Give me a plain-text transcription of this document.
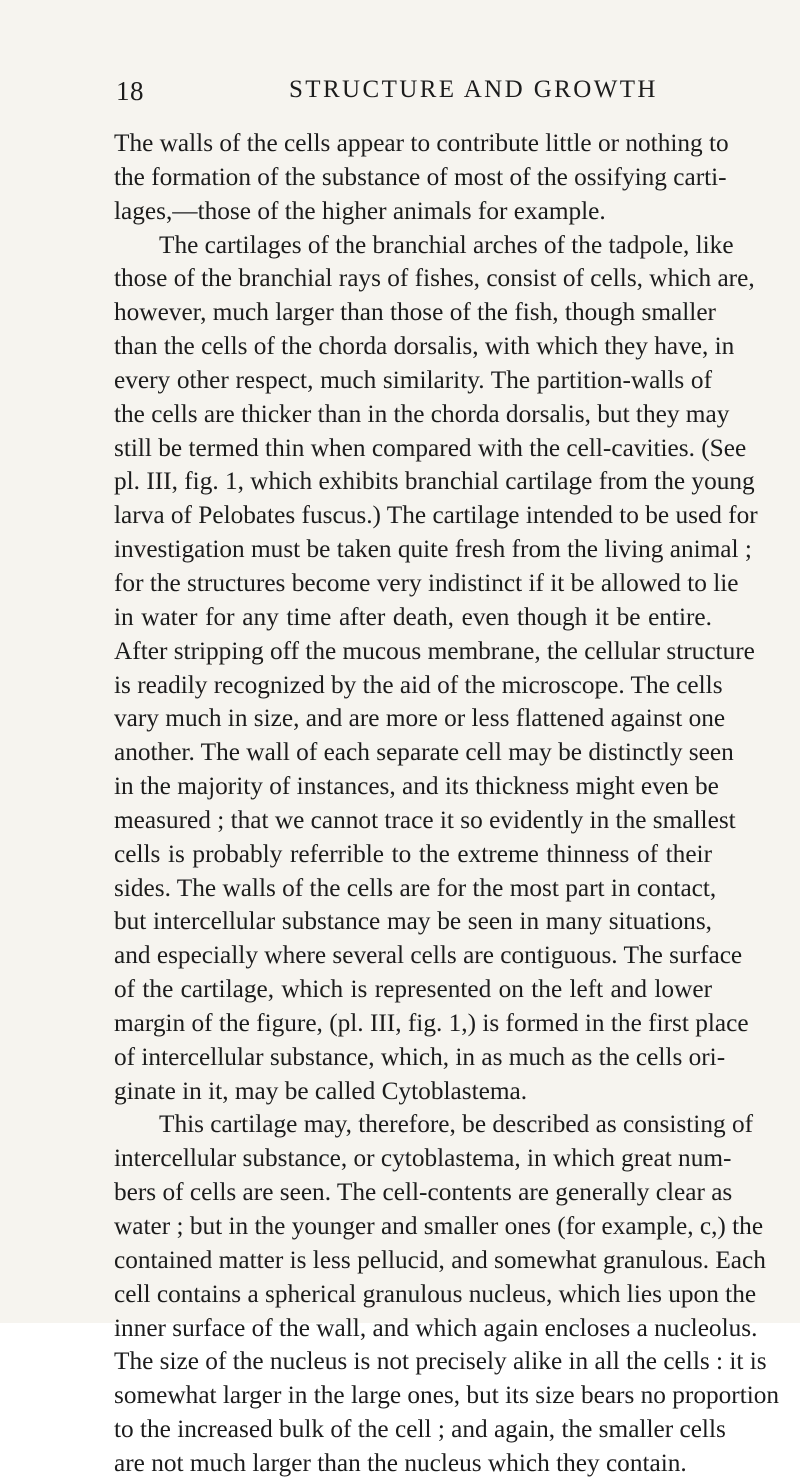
18	STRUCTURE AND GROWTH
The walls of the cells appear to contribute little or nothing to
the formation of the substance of most of the ossifying carti-
lages,—those of the higher animals for example.
The cartilages of the branchial arches of the tadpole, like
those of the branchial rays of fishes, consist of cells, which are,
however, much larger than those of the fish, though smaller
than the cells of the chorda dorsalis, with which they have, in
every other respect, much similarity. The partition-walls of
the cells are thicker than in the chorda dorsalis, but they may
still be termed thin when compared with the cell-cavities. (See
pl. III, fig. 1, which exhibits branchial cartilage from the young
larva of Pelobates fuscus.) The cartilage intended to be used for
investigation must be taken quite fresh from the living animal ;
for the structures become very indistinct if it be allowed to lie
in water for any time after death, even though it be entire.
After stripping off the mucous membrane, the cellular structure
is readily recognized by the aid of the microscope. The cells
vary much in size, and are more or less flattened against one
another. The wall of each separate cell may be distinctly seen
in the majority of instances, and its thickness might even be
measured ; that we cannot trace it so evidently in the smallest
cells is probably referrible to the extreme thinness of their
sides. The walls of the cells are for the most part in contact,
but intercellular substance may be seen in many situations,
and especially where several cells are contiguous. The surface
of the cartilage, which is represented on the left and lower
margin of the figure, (pl. III, fig. 1,) is formed in the first place
of intercellular substance, which, in as much as the cells ori-
ginate in it, may be called Cytoblastema.
This cartilage may, therefore, be described as consisting of
intercellular substance, or cytoblastema, in which great num-
bers of cells are seen. The cell-contents are generally clear as
water ; but in the younger and smaller ones (for example, c,) the
contained matter is less pellucid, and somewhat granulous. Each
cell contains a spherical granulous nucleus, which lies upon the
inner surface of the wall, and which again encloses a nucleolus.
The size of the nucleus is not precisely alike in all the cells : it is
somewhat larger in the large ones, but its size bears no proportion
to the increased bulk of the cell ; and again, the smaller cells
are not much larger than the nucleus which they contain.
